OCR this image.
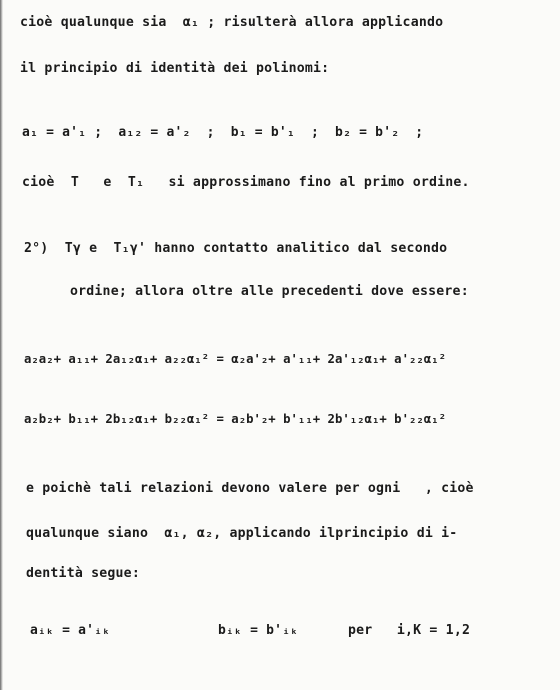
cioè qualunque sia  α₁ ; risulterà allora applicando
il principio di identità dei polinomi:
a₁ = a'₁ ;  a₁₂ = a'₂  ;  b₁ = b'₁  ;  b₂ = b'₂  ;
cioè  T   e  T₁   si approssimano fino al primo ordine.
2°)  Tγ e  T₁γ' hanno contatto analitico dal secondo
ordine; allora oltre alle precedenti dove essere:
a₂a₂+ a₁₁+ 2a₁₂α₁+ a₂₂α₁² = α₂a'₂+ a'₁₁+ 2a'₁₂α₁+ a'₂₂α₁²
a₂b₂+ b₁₁+ 2b₁₂α₁+ b₂₂α₁² = a₂b'₂+ b'₁₁+ 2b'₁₂α₁+ b'₂₂α₁²
e poichè tali relazioni devono valere per ogni   , cioè
qualunque siano  α₁, α₂, applicando ilprincipio di i-
dentità segue:
aᵢₖ = a'ᵢₖ	bᵢₖ = b'ᵢₖ	per   i,K = 1,2
